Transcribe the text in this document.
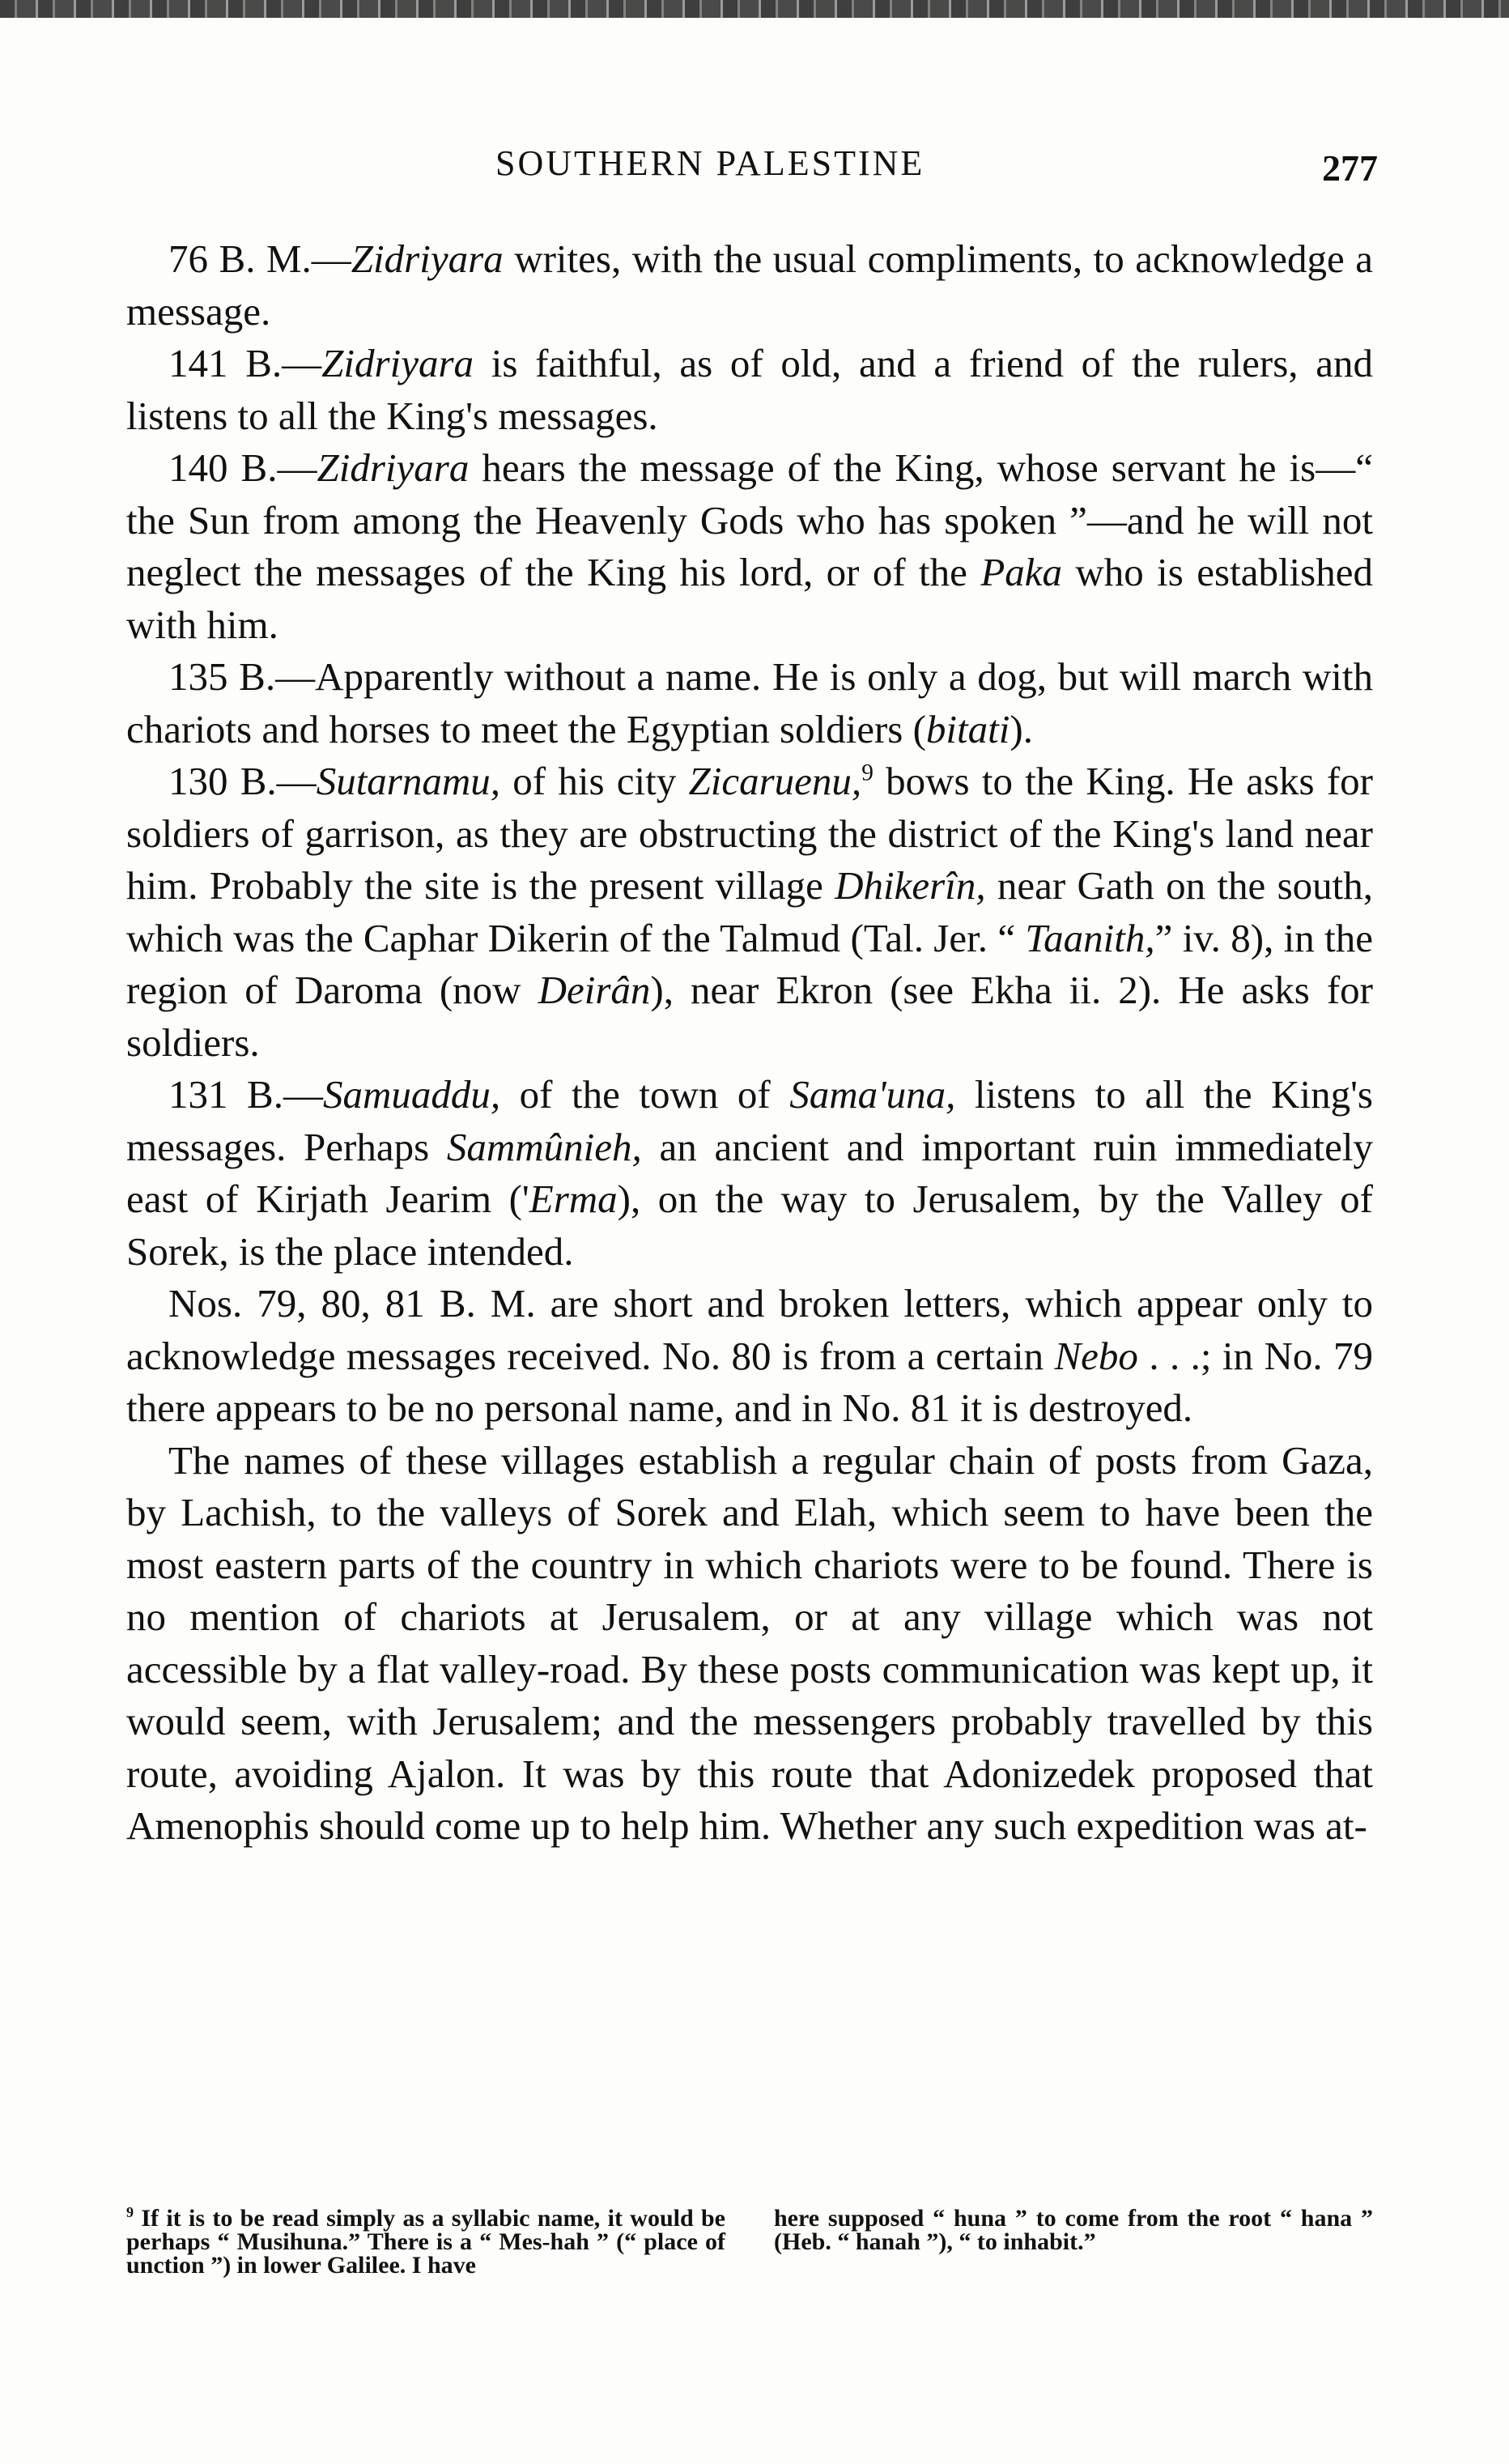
SOUTHERN PALESTINE	277

76 B. M.—Zidriyara writes, with the usual compliments, to acknowledge a message.

141 B.—Zidriyara is faithful, as of old, and a friend of the rulers, and listens to all the King's messages.

140 B.—Zidriyara hears the message of the King, whose servant he is—“ the Sun from among the Heavenly Gods who has spoken ”—and he will not neglect the messages of the King his lord, or of the Paka who is established with him.

135 B.—Apparently without a name. He is only a dog, but will march with chariots and horses to meet the Egyptian soldiers (bitati).

130 B.—Sutarnamu, of his city Zicaruenu,$^9$ bows to the King. He asks for soldiers of garrison, as they are obstructing the district of the King's land near him. Probably the site is the present village Dhikerîn, near Gath on the south, which was the Caphar Dikerin of the Talmud (Tal. Jer. “ Taanith,” iv. 8), in the region of Daroma (now Deirân), near Ekron (see Ekha ii. 2). He asks for soldiers.

131 B.—Samuaddu, of the town of Sama'una, listens to all the King's messages. Perhaps Sammûnieh, an ancient and important ruin immediately east of Kirjath Jearim ('Erma), on the way to Jerusalem, by the Valley of Sorek, is the place intended.

Nos. 79, 80, 81 B. M. are short and broken letters, which appear only to acknowledge messages received. No. 80 is from a certain Nebo . . .; in No. 79 there appears to be no personal name, and in No. 81 it is destroyed.

The names of these villages establish a regular chain of posts from Gaza, by Lachish, to the valleys of Sorek and Elah, which seem to have been the most eastern parts of the country in which chariots were to be found. There is no mention of chariots at Jerusalem, or at any village which was not accessible by a flat valley-road. By these posts communication was kept up, it would seem, with Jerusalem; and the messengers probably travelled by this route, avoiding Ajalon. It was by this route that Adonizedek proposed that Amenophis should come up to help him. Whether any such expedition was at-

$^9$ If it is to be read simply as a syllabic name, it would be perhaps “ Musihuna.” There is a “ Mes-hah ” (“ place of unction ”) in lower Galilee. I have

here supposed “ huna ” to come from the root “ hana ” (Heb. “ hanah ”), “ to inhabit.”
